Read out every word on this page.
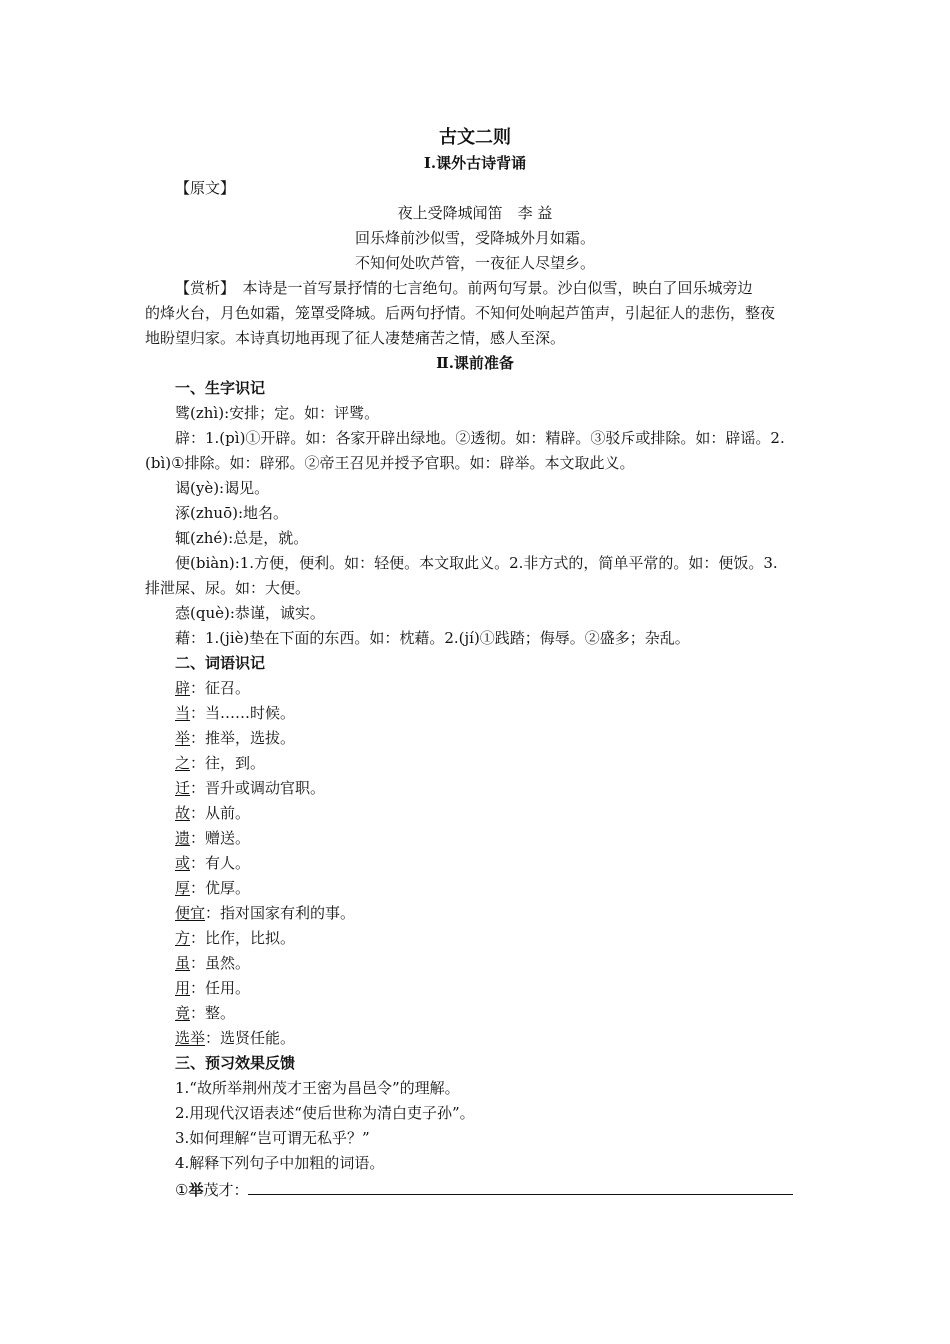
古文二则
Ⅰ.课外古诗背诵
【原文】
夜上受降城闻笛　李 益
回乐烽前沙似雪，受降城外月如霜。
不知何处吹芦管，一夜征人尽望乡。
【赏析】　本诗是一首写景抒情的七言绝句。前两句写景。沙白似雪，映白了回乐城旁边
的烽火台，月色如霜，笼罩受降城。后两句抒情。不知何处响起芦笛声，引起征人的悲伤，整夜
地盼望归家。本诗真切地再现了征人凄楚痛苦之情，感人至深。
Ⅱ.课前准备
一、生字识记
骘(zhì):安排；定。如：评骘。
辟：1.(pì)①开辟。如：各家开辟出绿地。②透彻。如：精辟。③驳斥或排除。如：辟谣。2.
(bì)①排除。如：辟邪。②帝王召见并授予官职。如：辟举。本文取此义。
谒(yè):谒见。
涿(zhuō):地名。
辄(zhé):总是，就。
便(biàn):1.方便，便利。如：轻便。本文取此义。2.非方式的，简单平常的。如：便饭。3.
排泄屎、尿。如：大便。
悫(què):恭谨，诚实。
藉：1.(jiè)垫在下面的东西。如：枕藉。2.(jí)①践踏；侮辱。②盛多；杂乱。
二、词语识记
辟：征召。
当：当……时候。
举：推举，选拔。
之：往，到。
迁：晋升或调动官职。
故：从前。
遗：赠送。
或：有人。
厚：优厚。
便宜：指对国家有利的事。
方：比作，比拟。
虽：虽然。
用：任用。
竟：整。
选举：选贤任能。
三、预习效果反馈
1.“故所举荆州茂才王密为昌邑令”的理解。
2.用现代汉语表述“使后世称为清白吏子孙”。
3.如何理解“岂可谓无私乎？”
4.解释下列句子中加粗的词语。
①举茂才：
